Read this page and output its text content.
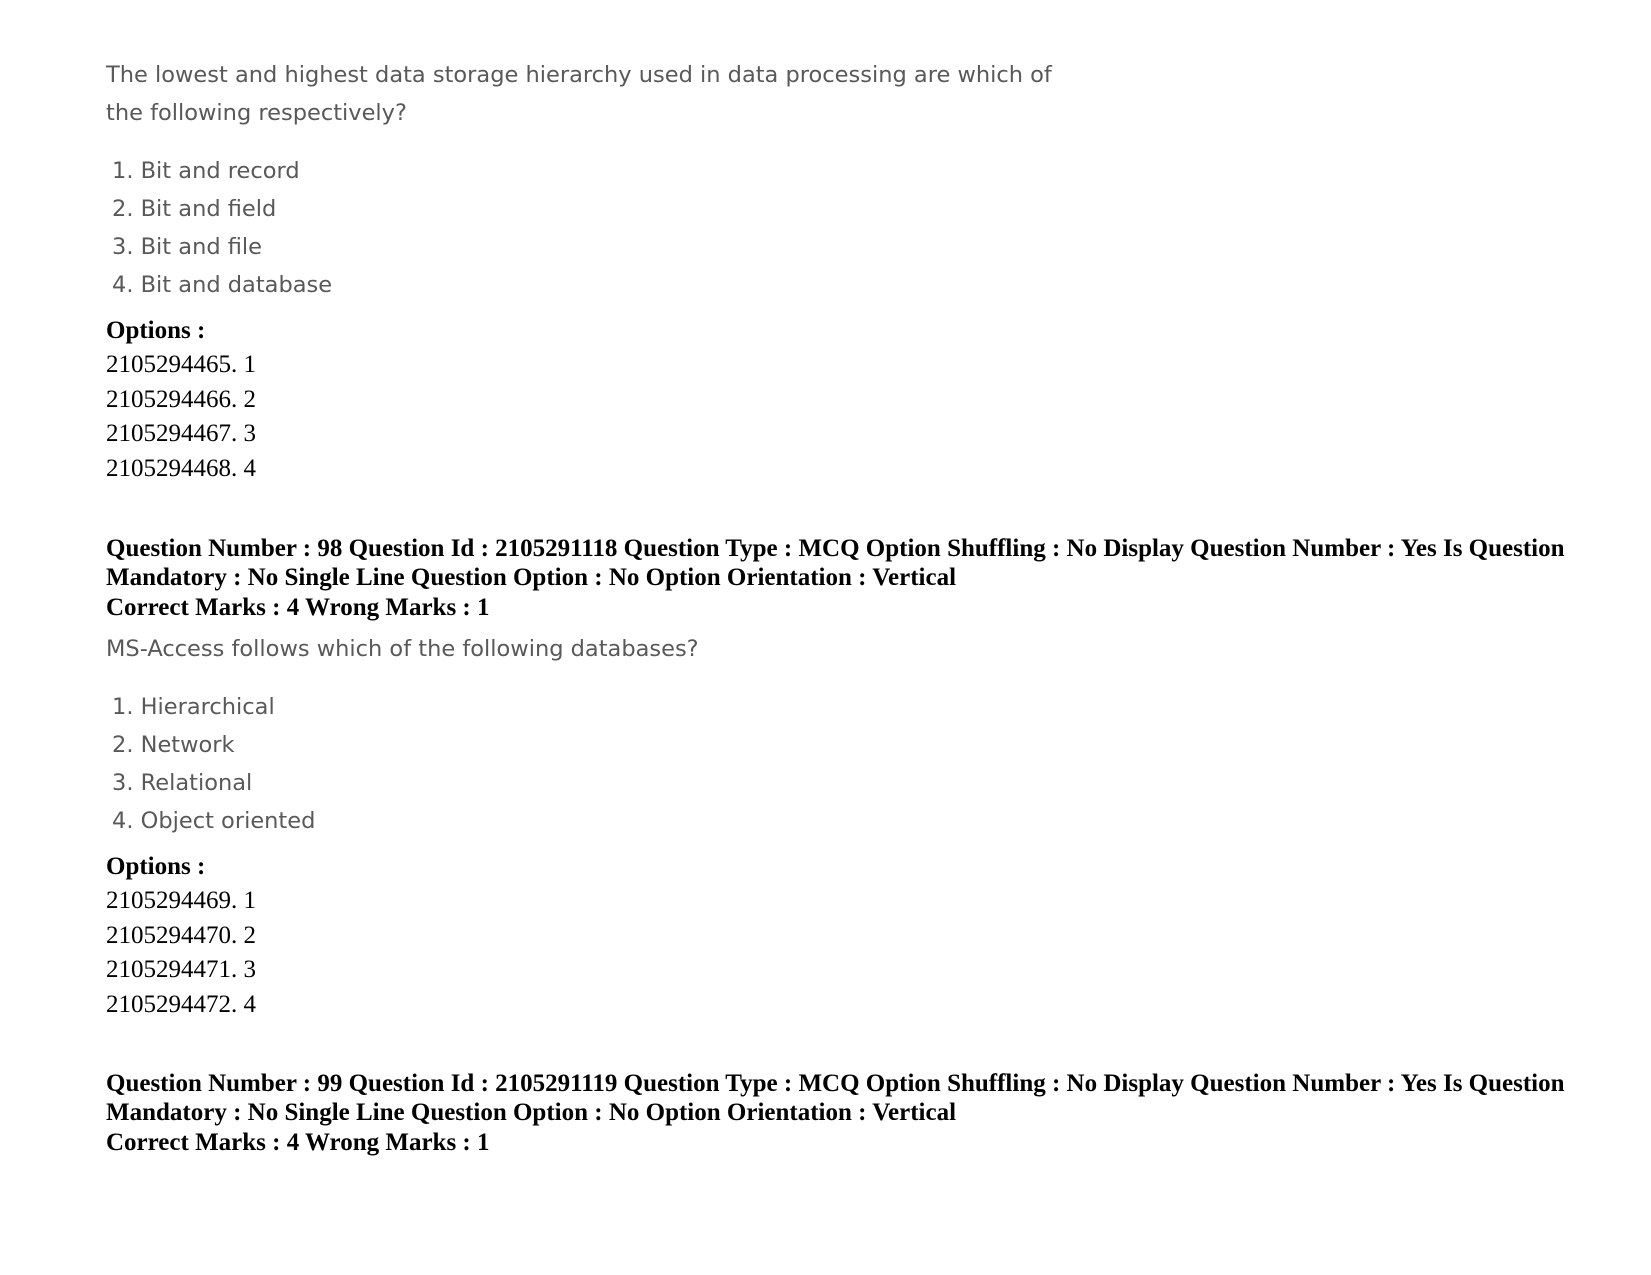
The lowest and highest data storage hierarchy used in data processing are which of the following respectively?

1. Bit and record
2. Bit and field
3. Bit and file
4. Bit and database

Options :

2105294465. 1

2105294466. 2

2105294467. 3

2105294468. 4

Question Number : 98 Question Id : 2105291118 Question Type : MCQ Option Shuffling : No Display Question Number : Yes Is Question Mandatory : No Single Line Question Option : No Option Orientation : Vertical

Correct Marks : 4 Wrong Marks : 1

MS-Access follows which of the following databases?

1. Hierarchical
2. Network
3. Relational
4. Object oriented

Options :

2105294469. 1

2105294470. 2

2105294471. 3

2105294472. 4

Question Number : 99 Question Id : 2105291119 Question Type : MCQ Option Shuffling : No Display Question Number : Yes Is Question Mandatory : No Single Line Question Option : No Option Orientation : Vertical

Correct Marks : 4 Wrong Marks : 1
